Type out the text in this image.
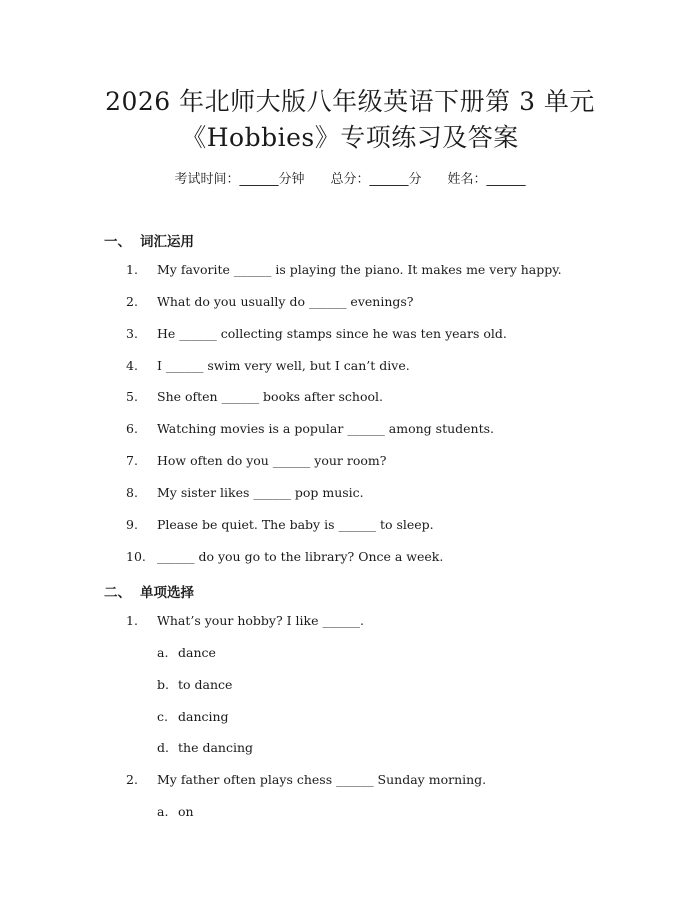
2026 年北师大版八年级英语下册第 3 单元
《Hobbies》专项练习及答案
考试时间：______分钟 总分：______分 姓名：______
一、 词汇运用
1. My favorite ______ is playing the piano. It makes me very happy.
2. What do you usually do ______ evenings?
3. He ______ collecting stamps since he was ten years old.
4. I ______ swim very well, but I can’t dive.
5. She often ______ books after school.
6. Watching movies is a popular ______ among students.
7. How often do you ______ your room?
8. My sister likes ______ pop music.
9. Please be quiet. The baby is ______ to sleep.
10. ______ do you go to the library? Once a week.
二、 单项选择
1. What’s your hobby? I like ______.
a. dance
b. to dance
c. dancing
d. the dancing
2. My father often plays chess ______ Sunday morning.
a. on
